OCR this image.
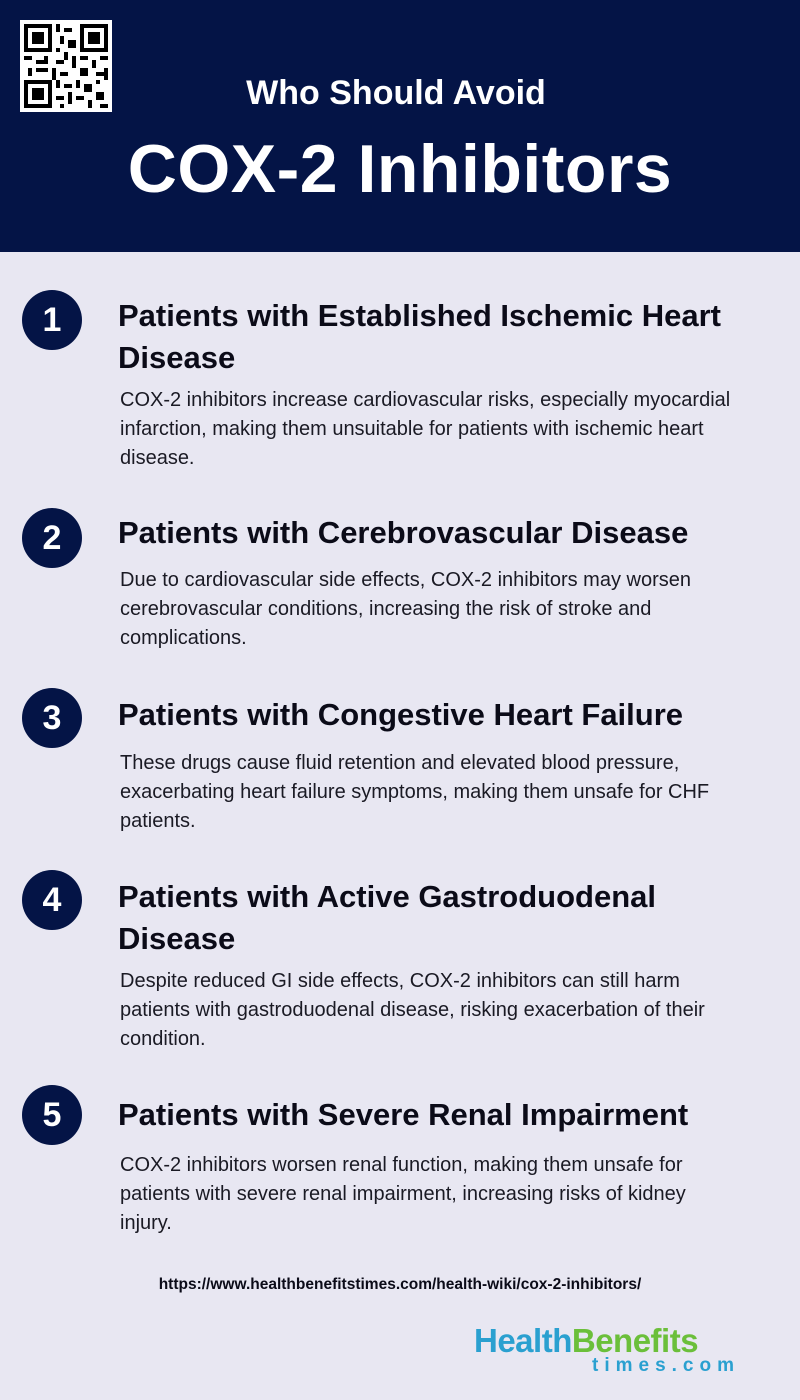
Who Should Avoid
COX-2 Inhibitors
1	Patients with Established Ischemic Heart Disease
COX-2 inhibitors increase cardiovascular risks, especially myocardial infarction, making them unsuitable for patients with ischemic heart disease.
2	Patients with Cerebrovascular Disease
Due to cardiovascular side effects, COX-2 inhibitors may worsen cerebrovascular conditions, increasing the risk of stroke and complications.
3	Patients with Congestive Heart Failure
These drugs cause fluid retention and elevated blood pressure, exacerbating heart failure symptoms, making them unsafe for CHF patients.
4	Patients with Active Gastroduodenal Disease
Despite reduced GI side effects, COX-2 inhibitors can still harm patients with gastroduodenal disease, risking exacerbation of their condition.
5	Patients with Severe Renal Impairment
COX-2 inhibitors worsen renal function, making them unsafe for patients with severe renal impairment, increasing risks of kidney injury.
https://www.healthbenefitstimes.com/health-wiki/cox-2-inhibitors/
HealthBenefits
times.com
